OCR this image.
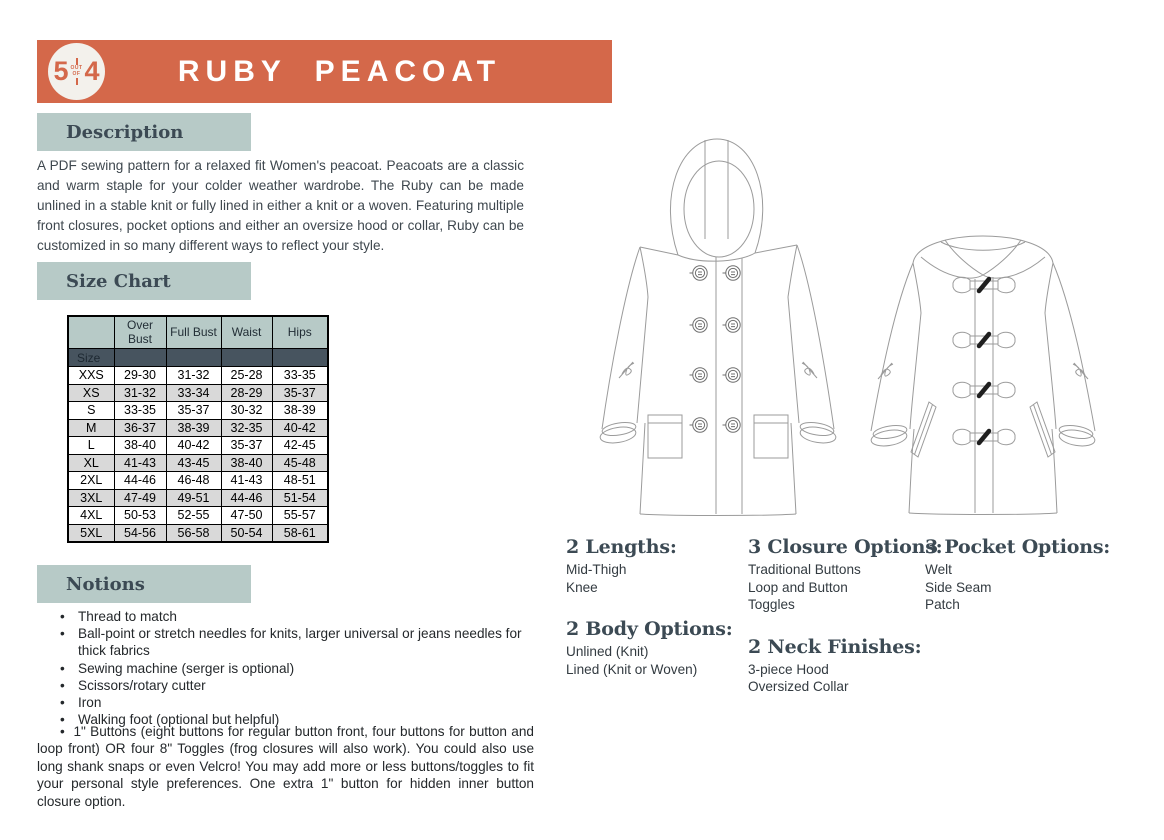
5 OUT
OF 4	RUBY PEACOAT
Description

A PDF sewing pattern for a relaxed fit Women's peacoat. Peacoats are a classic and warm staple for your colder weather wardrobe. The Ruby can be made unlined in a stable knit or fully lined in either a knit or a woven. Featuring multiple front closures, pocket options and either an oversize hood or collar, Ruby can be customized in so many different ways to reflect your style.

Size Chart
	Over Bust	Full Bust	Waist	Hips
Size				
XXS	29-30	31-32	25-28	33-35
XS	31-32	33-34	28-29	35-37
S	33-35	35-37	30-32	38-39
M	36-37	38-39	32-35	40-42
L	38-40	40-42	35-37	42-45
XL	41-43	43-45	38-40	45-48
2XL	44-46	46-48	41-43	48-51
3XL	47-49	49-51	44-46	51-54
4XL	50-53	52-55	47-50	55-57
5XL	54-56	56-58	50-54	58-61
Notions
• Thread to match
• Ball-point or stretch needles for knits, larger universal or jeans needles for thick fabrics
• Sewing machine (serger is optional)
• Scissors/rotary cutter
• Iron
• Walking foot (optional but helpful)

•  1" Buttons (eight buttons for regular button front, four buttons for button and loop front) OR four 8" Toggles (frog closures will also work). You could also use long shank snaps or even Velcro! You may add more or less buttons/toggles to fit your personal style preferences. One extra 1" button for hidden inner button closure option.

2 Lengths:
Mid-Thigh
Knee
2 Body Options:
Unlined (Knit)
Lined (Knit or Woven)
3 Closure Options:
Traditional Buttons
Loop and Button
Toggles
2 Neck Finishes:
3-piece Hood
Oversized Collar
3 Pocket Options:
Welt
Side Seam
Patch
